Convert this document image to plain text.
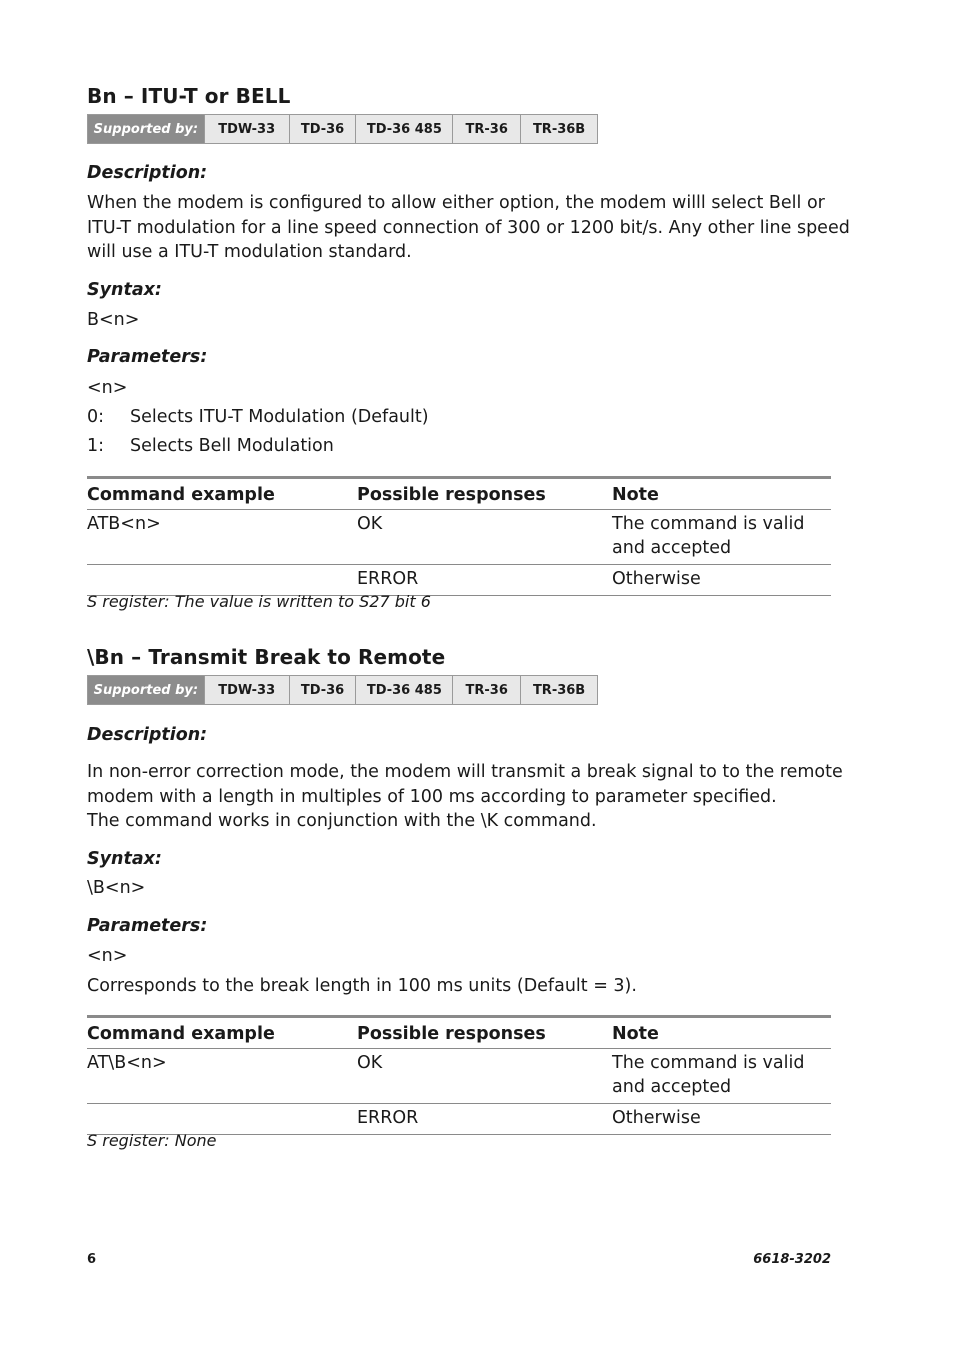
Bn – ITU-T or BELL
Supported by:	TDW-33	TD-36	TD-36 485	TR-36	TR-36B

Description:

When the modem is configured to allow either option, the modem willl select Bell or

ITU-T modulation for a line speed connection of 300 or 1200 bit/s. Any other line speed

will use a ITU-T modulation standard.

Syntax:

B<n>

Parameters:

<n>

0:	Selects ITU-T Modulation (Default)
1:	Selects Bell Modulation
Command example	Possible responses	Note
ATB<n>	OK	The command is valid and accepted
	ERROR	Otherwise

S register: The value is written to S27 bit 6

\Bn – Transmit Break to Remote
Supported by:	TDW-33	TD-36	TD-36 485	TR-36	TR-36B

Description:

In non-error correction mode, the modem will transmit a break signal to to the remote

modem with a length in multiples of 100 ms according to parameter specified.

The command works in conjunction with the \K command.

Syntax:

\B<n>

Parameters:

<n>

Corresponds to the break length in 100 ms units (Default = 3).

Command example	Possible responses	Note
AT\B<n>	OK	The command is valid and accepted
	ERROR	Otherwise

S register: None

6	6618-3202
